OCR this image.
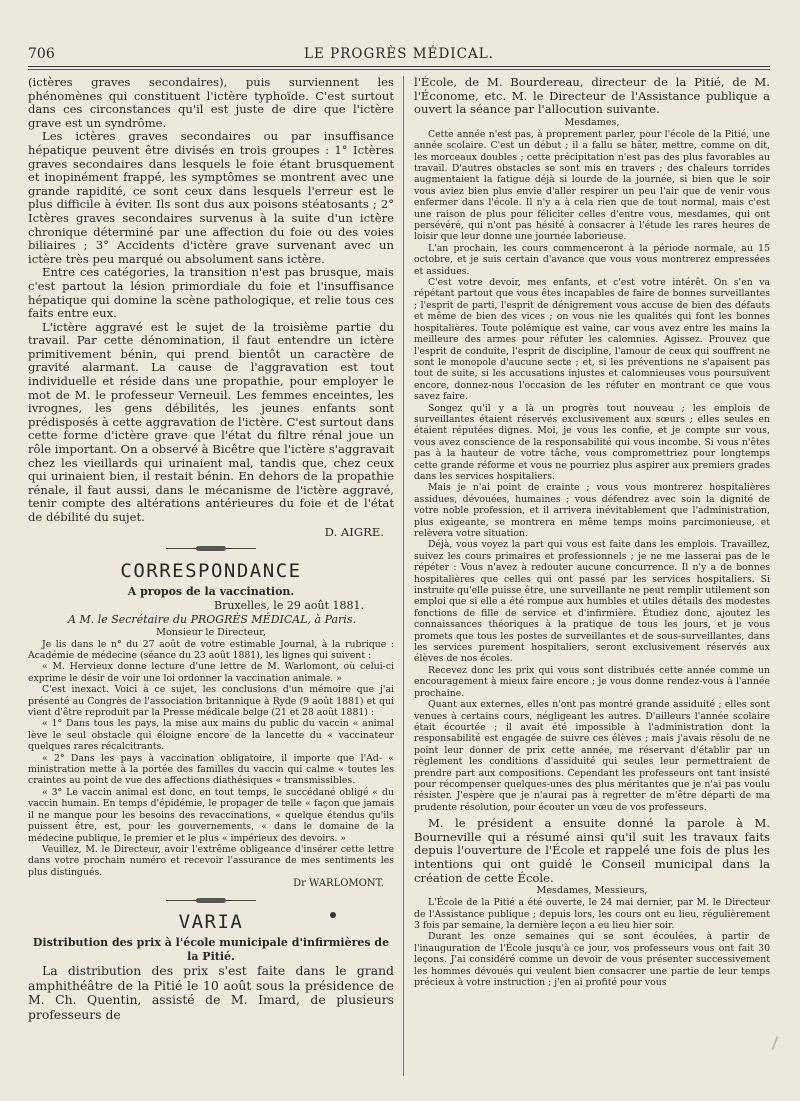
706	LE PROGRÈS MÉDICAL.

(ictères graves secondaires), puis surviennent les phénomènes qui constituent l'ictère typhoïde. C'est surtout dans ces circonstances qu'il est juste de dire que l'ictère grave est un syndrôme.

Les ictères graves secondaires ou par insuffisance hépatique peuvent être divisés en trois groupes : 1° Ictères graves secondaires dans lesquels le foie étant brusquement et inopinément frappé, les symptômes se montrent avec une grande rapidité, ce sont ceux dans lesquels l'erreur est le plus difficile à éviter. Ils sont dus aux poisons stéatosants ; 2° Ictères graves secondaires survenus à la suite d'un ictère chronique déterminé par une affection du foie ou des voies biliaires ; 3° Accidents d'ictère grave survenant avec un ictère très peu marqué ou absolument sans ictère.

Entre ces catégories, la transition n'est pas brusque, mais c'est partout la lésion primordiale du foie et l'insuffisance hépatique qui domine la scène pathologique, et relie tous ces faits entre eux.

L'ictère aggravé est le sujet de la troisième partie du travail. Par cette dénomination, il faut entendre un ictère primitivement bénin, qui prend bientôt un caractère de gravité alarmant. La cause de l'aggravation est tout individuelle et réside dans une propathie, pour employer le mot de M. le professeur Verneuil. Les femmes enceintes, les ivrognes, les gens débilités, les jeunes enfants sont prédisposés à cette aggravation de l'ictère. C'est surtout dans cette forme d'ictère grave que l'état du filtre rénal joue un rôle important. On a observé à Bicêtre que l'ictère s'aggravait chez les vieillards qui urinaient mal, tandis que, chez ceux qui urinaient bien, il restait bénin. En dehors de la propathie rénale, il faut aussi, dans le mécanisme de l'ictère aggravé, tenir compte des altérations antérieures du foie et de l'état de débilité du sujet.

D. AIGRE.
CORRESPONDANCE
A propos de la vaccination.
Bruxelles, le 29 août 1881.
A M. le Secrétaire du PROGRÈS MÉDICAL, à Paris.
Monsieur le Directeur,

Je lis dans le n° du 27 août de votre estimable Journal, à la rubrique : Académie de médecine (séance du 23 août 1881), les lignes qui suivent :

« M. Hervieux donne lecture d'une lettre de M. Warlomont, où celui-ci exprime le désir de voir une loi ordonner la vaccination animale. »

C'est inexact. Voici à ce sujet, les conclusions d'un mémoire que j'ai présenté au Congrès de l'association britannique à Ryde (9 août 1881) et qui vient d'être reproduit par la Presse médicale belge (21 et 28 août 1881) :

« 1° Dans tous les pays, la mise aux mains du public du vaccin « animal lève le seul obstacle qui éloigne encore de la lancette du « vaccinateur quelques rares récalcitrants.

« 2° Dans les pays à vaccination obligatoire, il importe que l'Ad- « ministration mette à la portée des familles du vaccin qui calme « toutes les craintes au point de vue des affections diathésiques « transmissibles.

« 3° Le vaccin animal est donc, en tout temps, le succédané obligé « du vaccin humain. En temps d'épidémie, le propager de telle « façon que jamais il ne manque pour les besoins des revaccinations, « quelque étendus qu'ils puissent être, est, pour les gouvernements, « dans le domaine de la médecine publique, le premier et le plus « impérieux des devoirs. »

Veuillez, M. le Directeur, avoir l'extrême obligeance d'insérer cette lettre dans votre prochain numéro et recevoir l'assurance de mes sentiments les plus distingués.

Dr WARLOMONT.
VARIA
Distribution des prix à l'école municipale d'infirmières de la Pitié.

La distribution des prix s'est faite dans le grand amphithéâtre de la Pitié le 10 août sous la présidence de M. Ch. Quentin, assisté de M. Imard, de plusieurs professeurs de

l'École, de M. Bourdereau, directeur de la Pitié, de M. l'Économe, etc. M. le Directeur de l'Assistance publique a ouvert la séance par l'allocution suivante.

Mesdames,

Cette année n'est pas, à proprement parler, pour l'école de la Pitié, une année scolaire. C'est un début ; il a fallu se hâter, mettre, comme on dit, les morceaux doubles ; cette précipitation n'est pas des plus favorables au travail. D'autres obstacles se sont mis en travers ; des chaleurs torrides augmentaient la fatigue déjà si lourde de la journée, si bien que le soir vous aviez bien plus envie d'aller respirer un peu l'air que de venir vous enfermer dans l'école. Il n'y a à cela rien que de tout normal, mais c'est une raison de plus pour féliciter celles d'entre vous, mesdames, qui ont persévéré, qui n'ont pas hésité à consacrer à l'étude les rares heures de loisir que leur donne une journée laborieuse.

L'an prochain, les cours commenceront à la période normale, au 15 octobre, et je suis certain d'avance que vous vous montrerez empressées et assidues.

C'est votre devoir, mes enfants, et c'est votre intérêt. On s'en va répétant partout que vous êtes incapables de faire de bonnes surveillantes ; l'esprit de parti, l'esprit de dénigrement vous accuse de bien des défauts et même de bien des vices ; on vous nie les qualités qui font les bonnes hospitalières. Toute polémique est vaine, car vous avez entre les mains la meilleure des armes pour réfuter les calomnies. Agissez. Prouvez que l'esprit de conduite, l'esprit de discipline, l'amour de ceux qui souffrent ne sont le monopole d'aucune secte ; et, si les préventions ne s'apaisent pas tout de suite, si les accusations injustes et calomnieuses vous poursuivent encore, donnez-nous l'occasion de les réfuter en montrant ce que vous savez faire.

Songez qu'il y a là un progrès tout nouveau ; les emplois de surveillantes étaient réservés exclusivement aux sœurs ; elles seules en étaient réputées dignes. Moi, je vous les confie, et je compte sur vous, vous avez conscience de la responsabilité qui vous incombe. Si vous n'êtes pas à la hauteur de votre tâche, vous compromettriez pour longtemps cette grande réforme et vous ne pourriez plus aspirer aux premiers grades dans les services hospitaliers.

Mais je n'ai point de crainte ; vous vous montrerez hospitalières assidues, dévouées, humaines ; vous défendrez avec soin la dignité de votre noble profession, et il arrivera inévitablement que l'administration, plus exigeante, se montrera en même temps moins parcimonieuse, et relèvera votre situation.

Déjà, vous voyez la part qui vous est faite dans les emplois. Travaillez, suivez les cours primaires et professionnels ; je ne me lasserai pas de le répéter : Vous n'avez à redouter aucune concurrence. Il n'y a de bonnes hospitalières que celles qui ont passé par les services hospitaliers. Si instruite qu'elle puisse être, une surveillante ne peut remplir utilement son emploi que si elle a été rompue aux humbles et utiles détails des modestes fonctions de fille de service et d'infirmière. Étudiez donc, ajoutez les connaissances théoriques à la pratique de tous les jours, et je vous promets que tous les postes de surveillantes et de sous-surveillantes, dans les services purement hospitaliers, seront exclusivement réservés aux élèves de nos écoles.

Recevez donc les prix qui vous sont distribués cette année comme un encouragement à mieux faire encore ; je vous donne rendez-vous à l'année prochaine.

Quant aux externes, elles n'ont pas montré grande assiduité ; elles sont venues à certains cours, négligeant les autres. D'ailleurs l'année scolaire était écourtée ; il avait été impossible à l'administration dont la responsabilité est engagée de suivre ces élèves ; mais j'avais résolu de ne point leur donner de prix cette année, me réservant d'établir par un règlement les conditions d'assiduité qui seules leur permettraient de prendre part aux compositions. Cependant les professeurs ont tant insisté pour récompenser quelques-unes des plus méritantes que je n'ai pas voulu résister. J'espère que je n'aurai pas à regretter de m'être départi de ma prudente résolution, pour écouter un vœu de vos professeurs.

M. le président a ensuite donné la parole à M. Bourneville qui a résumé ainsi qu'il suit les travaux faits depuis l'ouverture de l'École et rappelé une fois de plus les intentions qui ont guidé le Conseil municipal dans la création de cette École.

Mesdames, Messieurs,

L'École de la Pitié a été ouverte, le 24 mai dernier, par M. le Directeur de l'Assistance publique ; depuis lors, les cours ont eu lieu, régulièrement 3 fois par semaine, la dernière leçon a eu lieu hier soir.

Durant les onze semaines qui se sont écoulées, à partir de l'inauguration de l'École jusqu'à ce jour, vos professeurs vous ont fait 30 leçons. J'ai considéré comme un devoir de vous présenter successivement les hommes dévoués qui veulent bien consacrer une partie de leur temps précieux à votre instruction ; j'en ai profité pour vous
